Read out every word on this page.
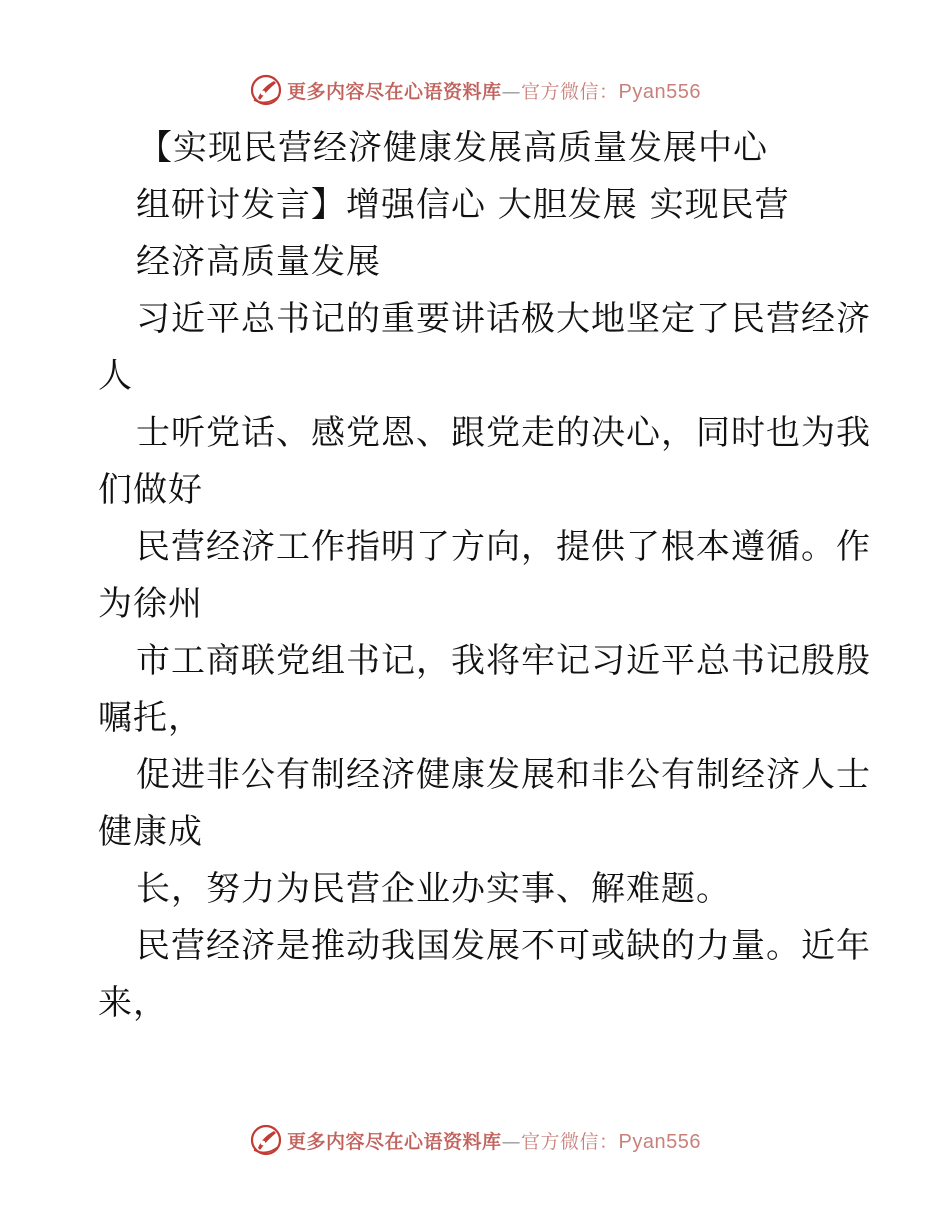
更多内容尽在心语资料库 — 官方微信： Pyan556
【实现民营经济健康发展高质量发展中心
组研讨发言】增强信心 大胆发展 实现民营
经济高质量发展
习近平总书记的重要讲话极大地坚定了民营经济
人
士听党话、感党恩、跟党走的决心，同时也为我
们做好
民营经济工作指明了方向，提供了根本遵循。作
为徐州
市工商联党组书记，我将牢记习近平总书记殷殷
嘱托，
促进非公有制经济健康发展和非公有制经济人士
健康成
长，努力为民营企业办实事、解难题。
民营经济是推动我国发展不可或缺的力量。近年
来，
更多内容尽在心语资料库 — 官方微信： Pyan556
